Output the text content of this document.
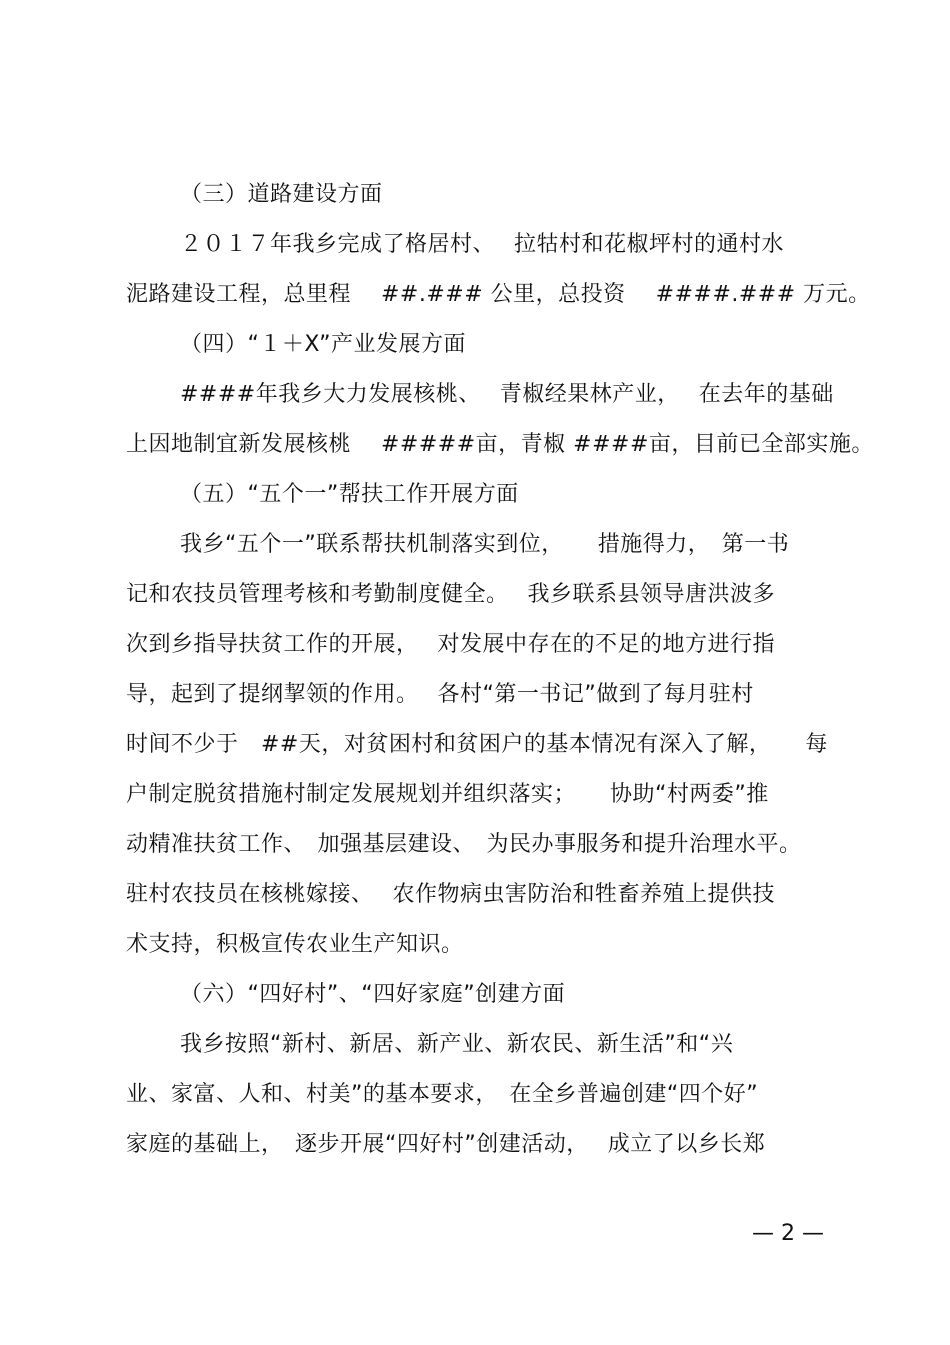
（三）道路建设方面
２０１７年我乡完成了格居村、　 拉牯村和花椒坪村的通村水
泥路建设工程，总里程　 ##.### 公里，总投资　 ####.### 万元。
（四）“１＋X”产业发展方面
####年我乡大力发展核桃、　 青椒经果林产业，　 在去年的基础
上因地制宜新发展核桃　 #####亩，青椒 ####亩，目前已全部实施。
（五）“五个一”帮扶工作开展方面
我乡“五个一”联系帮扶机制落实到位，　　措施得力，　第一书
记和农技员管理考核和考勤制度健全。　 我乡联系县领导唐洪波多
次到乡指导扶贫工作的开展，　 对发展中存在的不足的地方进行指
导，起到了提纲挈领的作用。　 各村“第一书记”做到了每月驻村
时间不少于　##天，对贫困村和贫困户的基本情况有深入了解，　　每
户制定脱贫措施村制定发展规划并组织落实；　　协助“村两委”推
动精准扶贫工作、　加强基层建设、　为民办事服务和提升治理水平。
驻村农技员在核桃嫁接、　 农作物病虫害防治和牲畜养殖上提供技
术支持，积极宣传农业生产知识。
（六）“四好村”、“四好家庭”创建方面
我乡按照“新村、新居、新产业、新农民、新生活”和“兴
业、家富、人和、村美”的基本要求，　在全乡普遍创建“四个好”
家庭的基础上，　逐步开展“四好村”创建活动，　 成立了以乡长郑
— 2 —
